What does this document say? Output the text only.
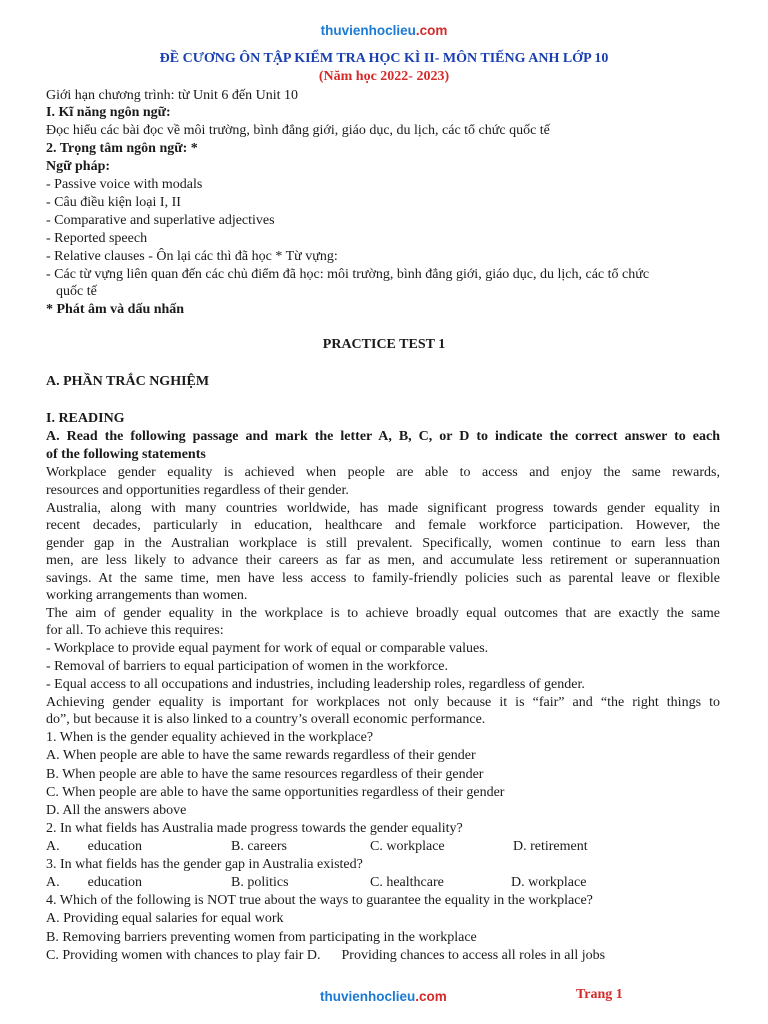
thuvienhoclieu.com
ĐỀ CƯƠNG ÔN TẬP KIỂM TRA HỌC KÌ II- MÔN TIẾNG ANH LỚP 10
(Năm học 2022- 2023)
Giới hạn chương trình: từ Unit 6 đến Unit 10
I. Kĩ năng ngôn ngữ:
Đọc hiểu các bài đọc về môi trường, bình đẳng giới, giáo dục, du lịch, các tổ chức quốc tế
2. Trọng tâm ngôn ngữ: *
Ngữ pháp:
- Passive voice with modals
- Câu điều kiện loại I, II
- Comparative and superlative adjectives
- Reported speech
- Relative clauses - Ôn lại các thì đã học * Từ vựng:
- Các từ vựng liên quan đến các chủ điểm đã học: môi trường, bình đẳng giới, giáo dục, du lịch, các tổ chức
quốc tế
* Phát âm và dấu nhấn
PRACTICE TEST 1
A. PHẦN TRẮC NGHIỆM
I. READING
A. Read the following passage and mark the letter A, B, C, or D to indicate the correct answer to each
of the following statements
Workplace gender equality is achieved when people are able to access and enjoy the same rewards,
resources and opportunities regardless of their gender.
Australia, along with many countries worldwide, has made significant progress towards gender equality in
recent decades, particularly in education, healthcare and female workforce participation. However, the
gender gap in the Australian workplace is still prevalent. Specifically, women continue to earn less than
men, are less likely to advance their careers as far as men, and accumulate less retirement or superannuation
savings. At the same time, men have less access to family-friendly policies such as parental leave or flexible
working arrangements than women.
The aim of gender equality in the workplace is to achieve broadly equal outcomes that are exactly the same
for all. To achieve this requires:
- Workplace to provide equal payment for work of equal or comparable values.
- Removal of barriers to equal participation of women in the workforce.
- Equal access to all occupations and industries, including leadership roles, regardless of gender.
Achieving gender equality is important for workplaces not only because it is “fair” and “the right things to
do”, but because it is also linked to a country’s overall economic performance.
1. When is the gender equality achieved in the workplace?
A. When people are able to have the same rewards regardless of their gender
B. When people are able to have the same resources regardless of their gender
C. When people are able to have the same opportunities regardless of their gender
D. All the answers above
2. In what fields has Australia made progress towards the gender equality?
A.        education	B. careers	C. workplace	D. retirement
3. In what fields has the gender gap in Australia existed?
A.        education	B. politics	C. healthcare	D. workplace
4. Which of the following is NOT true about the ways to guarantee the equality in the workplace?
A. Providing equal salaries for equal work
B. Removing barriers preventing women from participating in the workplace
C. Providing women with chances to play fair D.      Providing chances to access all roles in all jobs
thuvienhoclieu.com	Trang 1
